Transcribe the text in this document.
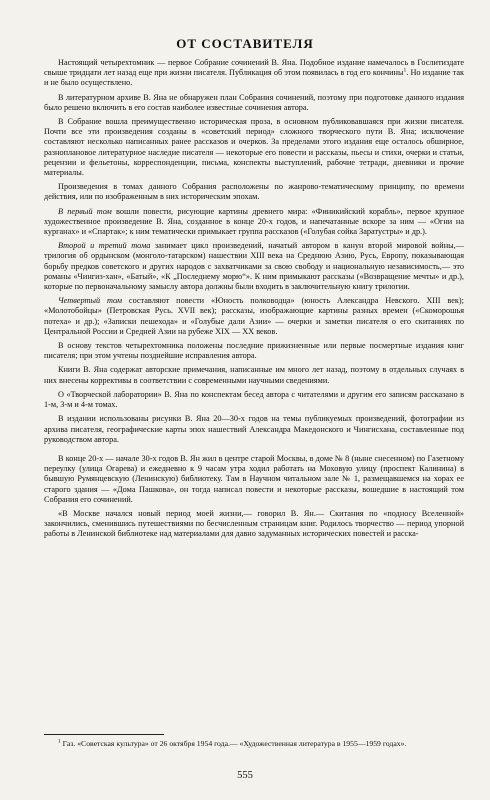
ОТ СОСТАВИТЕЛЯ

Настоящий четырехтомник — первое Собрание сочинений В. Яна. Подобное издание намечалось в Гослитиздате свыше тридцати лет назад еще при жизни писателя. Публикация об этом появилась в год его кончины$^1$. Но издание так и не было осуществлено.

В литературном архиве В. Яна не обнаружен план Собрания сочинений, поэтому при подготовке данного издания было решено включить в его состав наиболее известные сочинения автора.

В Собрание вошла преимущественно историческая проза, в основном публиковавшаяся при жизни писателя. Почти все эти произведения созданы в «советский период» сложного творческого пути В. Яна; исключение составляют несколько написанных ранее рассказов и очерков. За пределами этого издания еще осталось обширное, разноплановое литературное наследие писателя — некоторые его повести и рассказы, пьесы и стихи, очерки и статьи, рецензии и фельетоны, корреспонденции, письма, конспекты выступлений, рабочие тетради, дневники и прочие материалы.

Произведения в томах данного Собрания расположены по жанрово-тематическому принципу, по времени действия, или по изображенным в них историческим эпохам.

В первый том вошли повести, рисующие картины древнего мира: «Финикийский корабль», первое крупное художественное произведение В. Яна, созданное в конце 20-х годов, и напечатанные вскоре за ним — «Огни на курганах» и «Спартак»; к ним тематически примыкает группа рассказов («Голубая сойка Заратустры» и др.).

Второй и третий тома занимает цикл произведений, начатый автором в канун второй мировой войны,— трилогия об ордынском (монголо-татарском) нашествии XIII века на Среднюю Азию, Русь, Европу, показывающая борьбу предков советского и других народов с захватчиками за свою свободу и национальную независимость,— это романы «Чингиз-хан», «Батый», «К „Последнему морю“». К ним примыкают рассказы («Возвращение мечты» и др.), которые по первоначальному замыслу автора должны были входить в заключительную книгу трилогии.

Четвертый том составляют повести «Юность полководца» (юность Александра Невского. XIII век); «Молотобойцы» (Петровская Русь. XVII век); рассказы, изображающие картины разных времен («Скоморошья потеха» и др.); «Записки пешехода» и «Голубые дали Азии» — очерки и заметки писателя о его скитаниях по Центральной России и Средней Азии на рубеже XIX — XX веков.

В основу текстов четырехтомника положены последние прижизненные или первые посмертные издания книг писателя; при этом учтены позднейшие исправления автора.

Книги В. Яна содержат авторские примечания, написанные им много лет назад, поэтому в отдельных случаях в них внесены коррективы в соответствии с современными научными сведениями.

О «Творческой лаборатории» В. Яна по конспектам бесед автора с читателями и другим его записям рассказано в 1-м, 3-м и 4-м томах.

В издании использованы рисунки В. Яна 20—30-х годов на темы публикуемых произведений, фотографии из архива писателя, географические карты эпох нашествий Александра Македонского и Чингисхана, составленные под руководством автора.

В конце 20-х — начале 30-х годов В. Ян жил в центре старой Москвы, в доме № 8 (ныне снесенном) по Газетному переулку (улица Огарева) и ежедневно к 9 часам утра ходил работать на Моховую улицу (проспект Калинина) в бывшую Румянцевскую (Ленинскую) библиотеку. Там в Научном читальном зале № 1, размещавшемся на хорах ее старого здания — «Дома Пашкова», он тогда написал повести и некоторые рассказы, вошедшие в настоящий том Собрания его сочинений.

«В Москве начался новый период моей жизни,— говорил В. Ян.— Скитания по «подносу Вселенной» закончились, сменившись путешествиями по бесчисленным страницам книг. Родилось творчество — период упорной работы в Ленинской библиотеке над материалами для давно задуманных исторических повестей и расска-

$^1$ Газ. «Советская культура» от 26 октября 1954 года.— «Художественная литература в 1955—1959 годах».
555
